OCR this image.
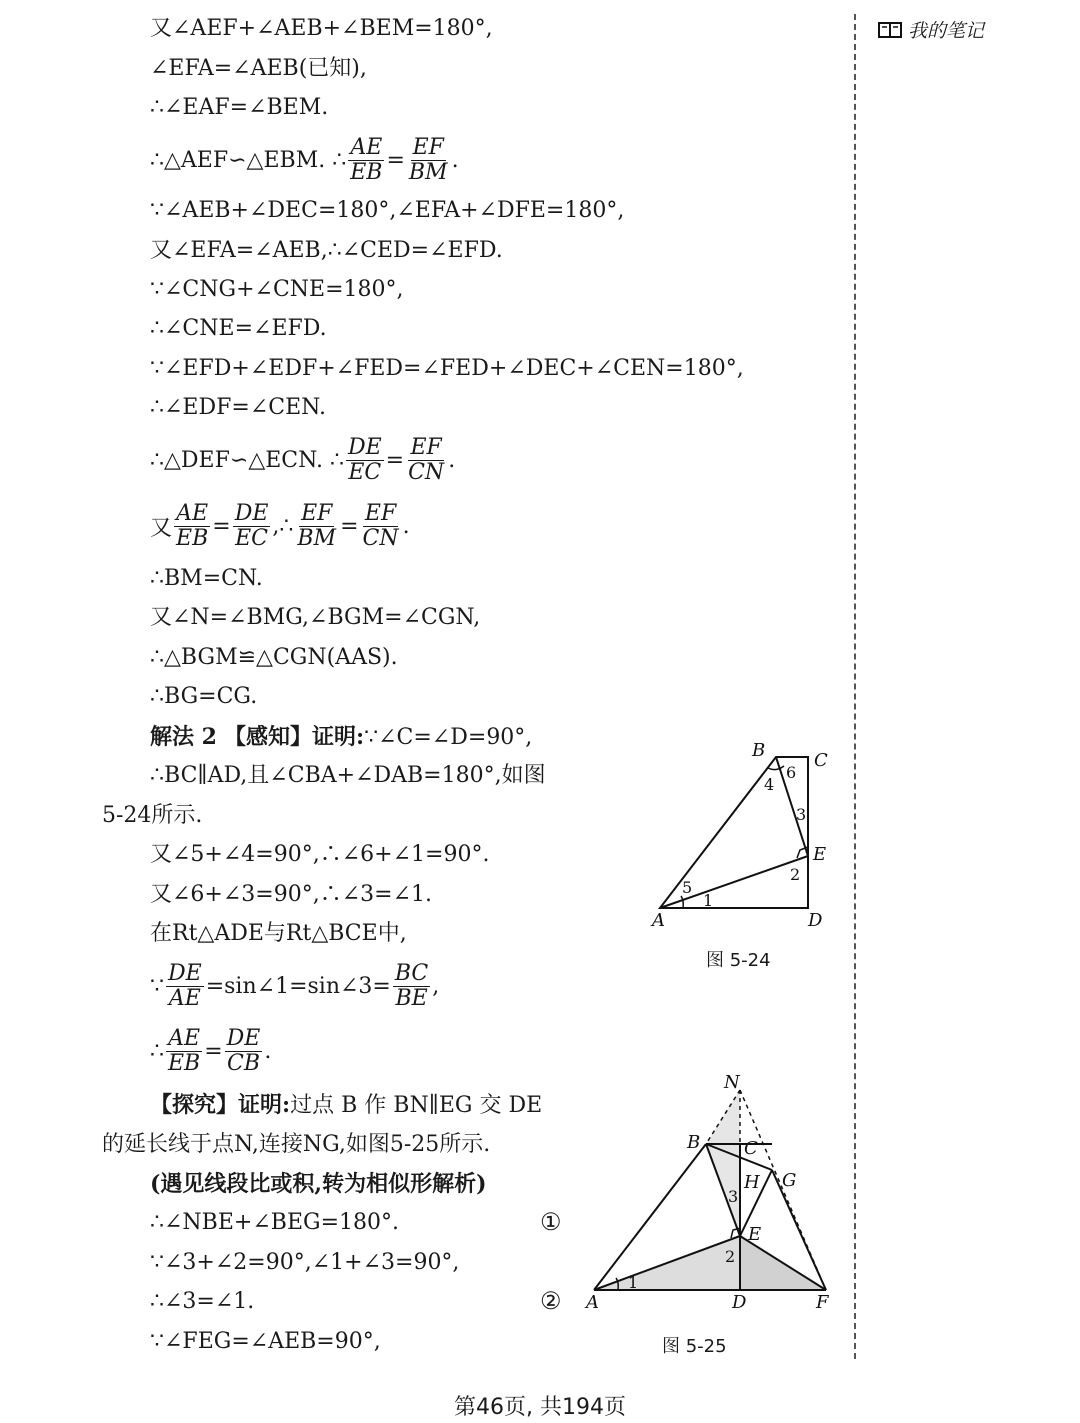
我的笔记
又∠AEF+∠AEB+∠BEM=180°,
∠EFA=∠AEB(已知),
∴∠EAF=∠BEM.
∴△AEF∽△EBM. ∴ $\frac{AE}{EB} = \frac{EF}{BM}$ .
∵∠AEB+∠DEC=180°,∠EFA+∠DFE=180°,
又∠EFA=∠AEB,∴∠CED=∠EFD.
∵∠CNG+∠CNE=180°,
∴∠CNE=∠EFD.
∵∠EFD+∠EDF+∠FED=∠FED+∠DEC+∠CEN=180°,
∴∠EDF=∠CEN.
∴△DEF∽△ECN. ∴ $\frac{DE}{EC} = \frac{EF}{CN}$ .
又 $\frac{AE}{EB} = \frac{DE}{EC}$ ,∴ $\frac{EF}{BM} = \frac{EF}{CN}$ .
∴BM=CN.
又∠N=∠BMG,∠BGM=∠CGN,
∴△BGM≌△CGN(AAS).
∴BG=CG.
解法 2 【感知】证明:∵∠C=∠D=90°,
∴BC∥AD,且∠CBA+∠DAB=180°,如图
5-24所示.
又∠5+∠4=90°,∴∠6+∠1=90°.
又∠6+∠3=90°,∴∠3=∠1.
在Rt△ADE与Rt△BCE中,
∵ $\frac{DE}{AE}$ =sin∠1=sin∠3= $\frac{BC}{BE}$ ,
∴ $\frac{AE}{EB} = \frac{DE}{CB}$ .
【探究】证明:过点 B 作 BN∥EG 交 DE
的延长线于点N,连接NG,如图5-25所示.
(遇见线段比或积,转为相似形解析)
∴∠NBE+∠BEG=180°.	①
∵∠3+∠2=90°,∠1+∠3=90°,
∴∠3=∠1.	②
∵∠FEG=∠AEB=90°,
B	C
E
A	D
1
2
3
4
5
6
图 5-24
N
B C
G
H
E
A	D	F
1
2
3
图 5-25
第46页, 共194页
